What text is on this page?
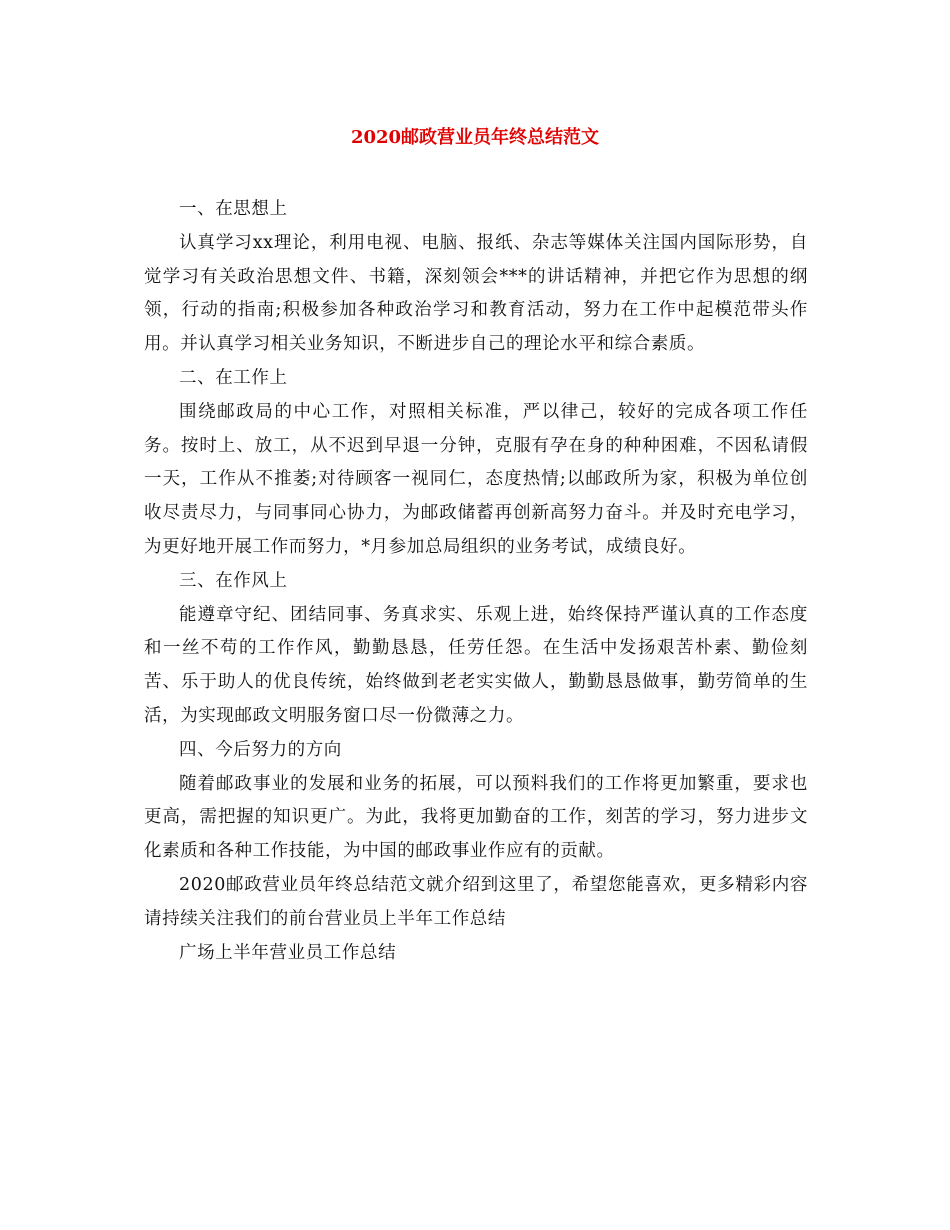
2020邮政营业员年终总结范文

一、在思想上

认真学习xx理论，利用电视、电脑、报纸、杂志等媒体关注国内国际形势，自觉学习有关政治思想文件、书籍，深刻领会***的讲话精神，并把它作为思想的纲领，行动的指南;积极参加各种政治学习和教育活动，努力在工作中起模范带头作用。并认真学习相关业务知识，不断进步自己的理论水平和综合素质。

二、在工作上

围绕邮政局的中心工作，对照相关标准，严以律己，较好的完成各项工作任务。按时上、放工，从不迟到早退一分钟，克服有孕在身的种种困难，不因私请假一天，工作从不推萎;对待顾客一视同仁，态度热情;以邮政所为家，积极为单位创收尽责尽力，与同事同心协力，为邮政储蓄再创新高努力奋斗。并及时充电学习，为更好地开展工作而努力，*月参加总局组织的业务考试，成绩良好。

三、在作风上

能遵章守纪、团结同事、务真求实、乐观上进，始终保持严谨认真的工作态度和一丝不苟的工作作风，勤勤恳恳，任劳任怨。在生活中发扬艰苦朴素、勤俭刻苦、乐于助人的优良传统，始终做到老老实实做人，勤勤恳恳做事，勤劳简单的生活，为实现邮政文明服务窗口尽一份微薄之力。

四、今后努力的方向

随着邮政事业的发展和业务的拓展，可以预料我们的工作将更加繁重，要求也更高，需把握的知识更广。为此，我将更加勤奋的工作，刻苦的学习，努力进步文化素质和各种工作技能，为中国的邮政事业作应有的贡献。

2020邮政营业员年终总结范文就介绍到这里了，希望您能喜欢，更多精彩内容请持续关注我们的前台营业员上半年工作总结

广场上半年营业员工作总结
